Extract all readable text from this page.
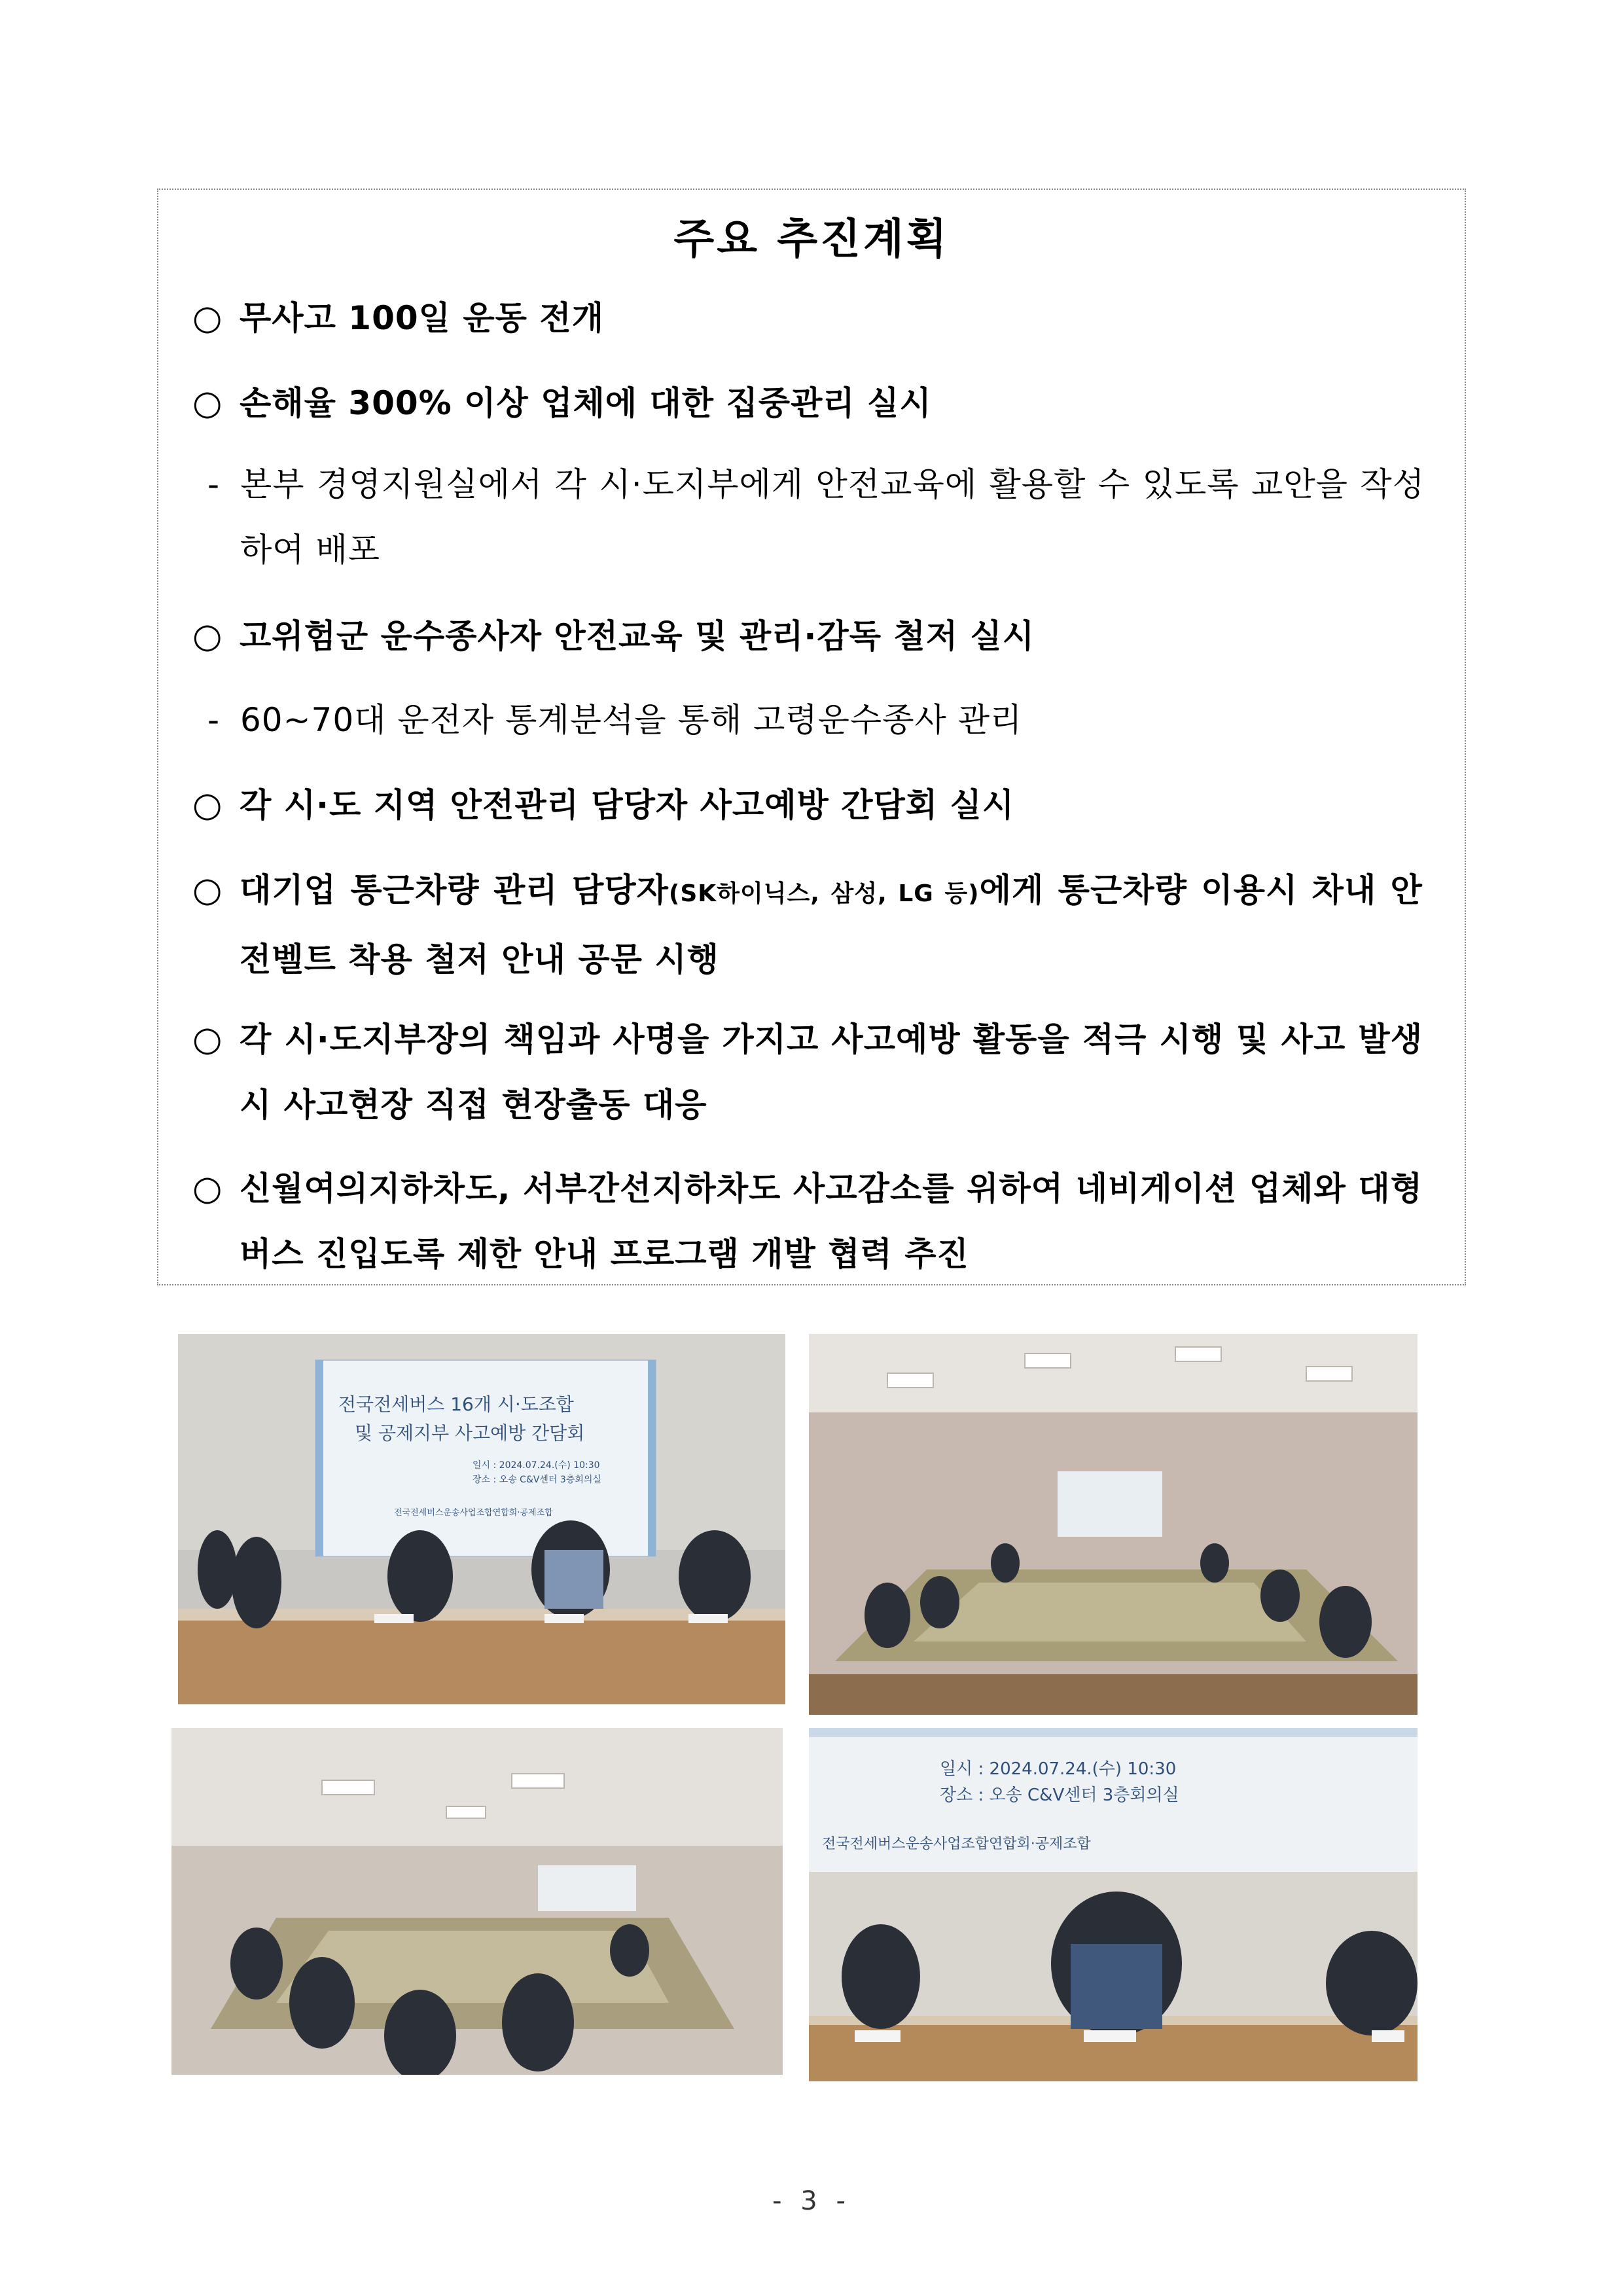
주요 추진계획
○ 무사고 100일 운동 전개
○ 손해율 300% 이상 업체에 대한 집중관리 실시
- 본부 경영지원실에서 각 시·도지부에게 안전교육에 활용할 수 있도록 교안을 작성하여 배포
○ 고위험군 운수종사자 안전교육 및 관리·감독 철저 실시
- 60~70대 운전자 통계분석을 통해 고령운수종사 관리
○ 각 시·도 지역 안전관리 담당자 사고예방 간담회 실시
○ 대기업 통근차량 관리 담당자(SK하이닉스, 삼성, LG 등)에게 통근차량 이용시 차내 안전벨트 착용 철저 안내 공문 시행
○ 각 시·도지부장의 책임과 사명을 가지고 사고예방 활동을 적극 시행 및 사고 발생 시 사고현장 직접 현장출동 대응
○ 신월여의지하차도, 서부간선지하차도 사고감소를 위하여 네비게이션 업체와 대형버스 진입도록 제한 안내 프로그램 개발 협력 추진
전국전세버스 16개 시·도조합
및 공제지부 사고예방 간담회
일시 : 2024.07.24.(수) 10:30
장소 : 오송 C&V센터 3층회의실
전국전세버스운송사업조합연합회·공제조합
일시 : 2024.07.24.(수) 10:30
장소 : 오송 C&V센터 3층회의실
전국전세버스운송사업조합연합회·공제조합
- 3 -
